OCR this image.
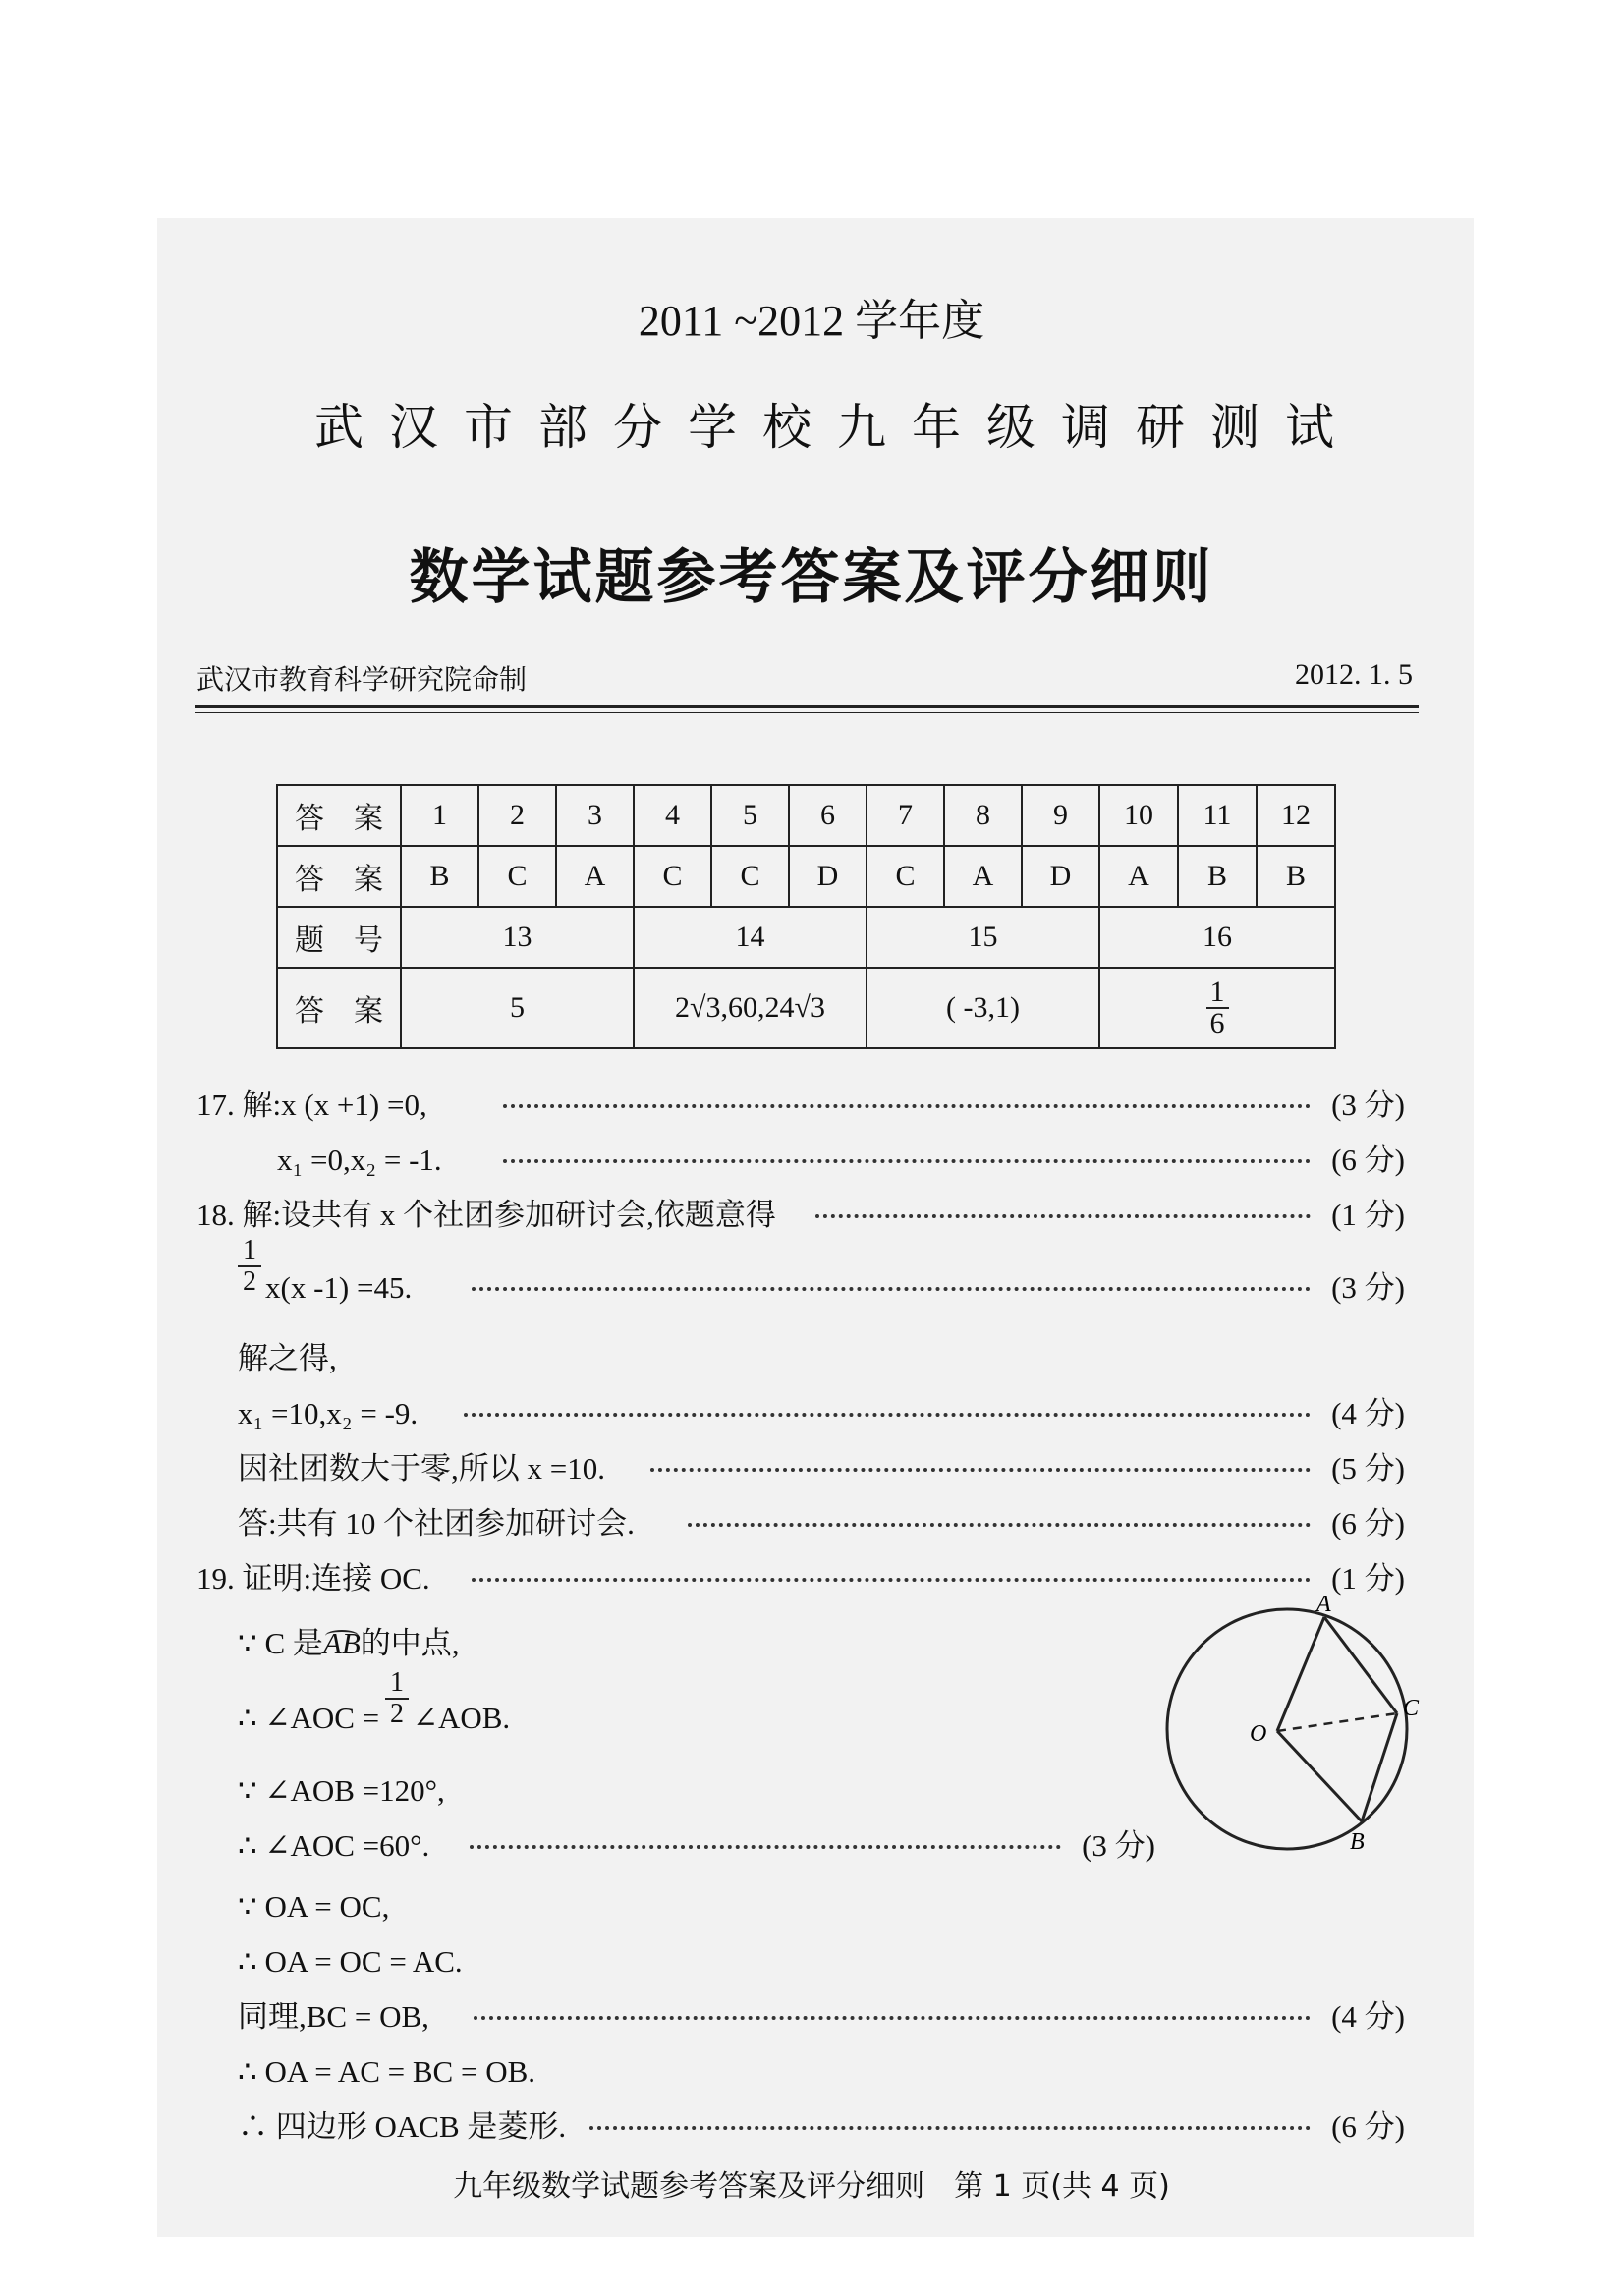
2011 ~2012 学年度
武汉市部分学校九年级调研测试
数学试题参考答案及评分细则
武汉市教育科学研究院命制	2012. 1. 5
答　案	1	2	3	4	5	6	7	8	9	10	11	12
答　案	B	C	A	C	C	D	C	A	D	A	B	B
题　号	13			14			15			16		
答　案	5			2√3,60,24√3			( -3,1)			$\frac{1}{6}$
17. 解:x (x +1) =0,	(3 分)
x₁ =0,x₂ = -1.	(6 分)
18. 解:设共有 x 个社团参加研讨会,依题意得	(1 分)
$\frac{1}{2} x(x$ -1) =45.	(3 分)
解之得,
x₁ =10,x₂ = -9.	(4 分)
因社团数大于零,所以 x =10.	(5 分)
答:共有 10 个社团参加研讨会.	(6 分)
19. 证明:连接 OC.	(1 分)
∵ C 是
AB的中点,
∴ ∠AOC = $\frac{1}{2}$ ∠AOB.
∵ ∠AOB =120°,
∴ ∠AOC =60°.	(3 分)
∵ OA = OC,
∴ OA = OC = AC.
同理,BC = OB,	(4 分)
∴ OA = AC = BC = OB.
∴ 四边形 OACB 是菱形.	(6 分)
A
C
B
O
九年级数学试题参考答案及评分细则　第 1 页(共 4 页)
